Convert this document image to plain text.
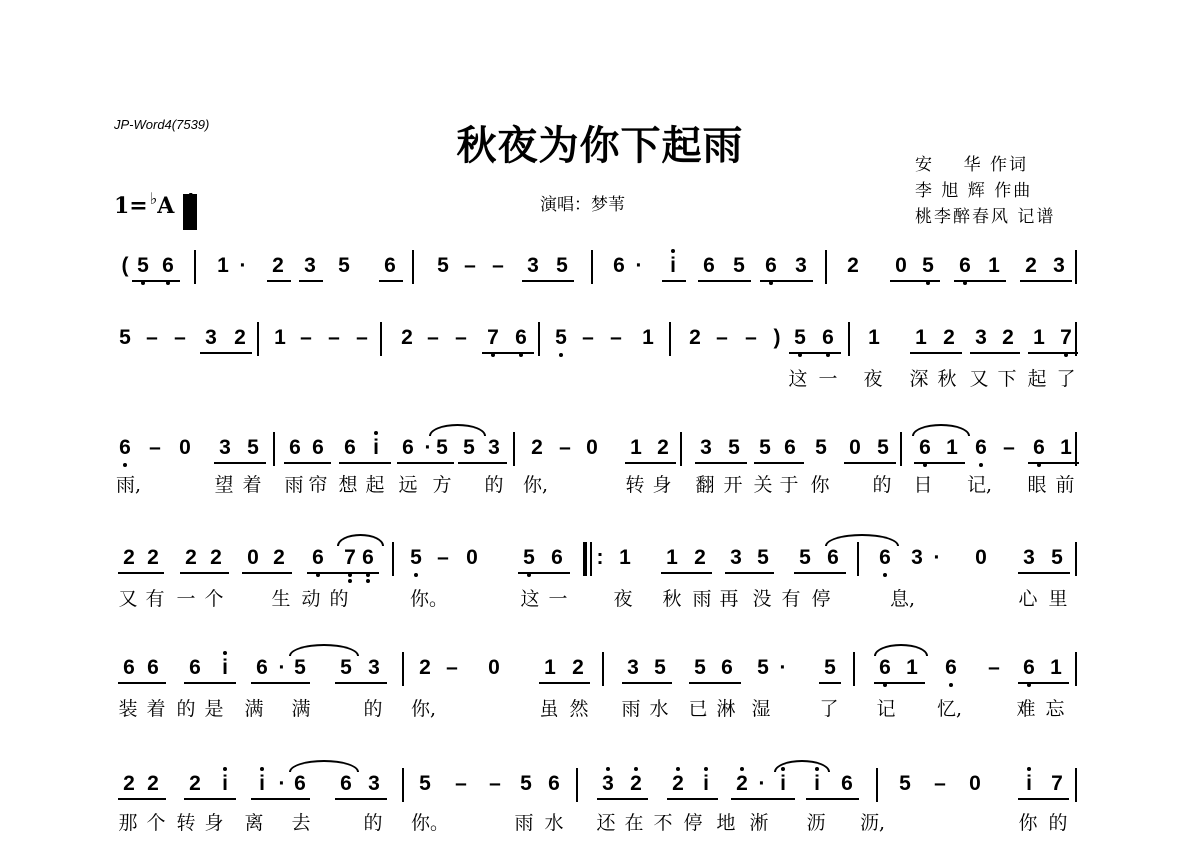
JP-Word4(7539)	秋夜为你下起雨
1= ♭ A	演唱：梦苇
安    华 作词
李 旭 辉 作曲
桃李醉春风 记谱
( 5 6 1 ·	2 3 5 6 5 – – 3 5 6 ·	i	6 5 6 3 2 0 5 6 1 2 3
5 – – 3 2 1 – – – 2 – – 7 6 5 – – 1 2 – – ) 5 6 1 1 2 3 2 1 7
这 一 夜 深 秋 又 下 起 了
6 – 0 3 5 6 6 6 i	6 · 5 5 3 2 – 0 1 2 3 5 5 6 5 0 5 6 1 6 – 6 1
雨,	望 着 雨 帘 想 起 远 方 的 你,	转 身 翻 开 关 于 你 的 日 记, 眼 前
2 2 2 2 0 2 6 7 6 5 – 0 5 6	1 1 2 3 5 5 6 6 3 ·	0 3 5
:
又 有 一 个	生 动 的	你。	这 一 夜 秋 雨 再 没 有 停	息,	心 里
6 6 6	i	6 · 5 5 3 2 – 0 1 2 3 5 5 6 5 ·	5 6 1 6 – 6 1
装 着 的 是 满 满	的 你,	虽 然 雨 水 已 淋 湿	了 记 忆,	难 忘
2 2 2	i	i · 6 6 3 5 – – 5 6 3 2 2 i	2 · i	i	6 5 – 0	i 7
那 个 转 身 离 去	的 你。	雨 水 还 在 不 停 地 淅 沥 沥,	你 的
